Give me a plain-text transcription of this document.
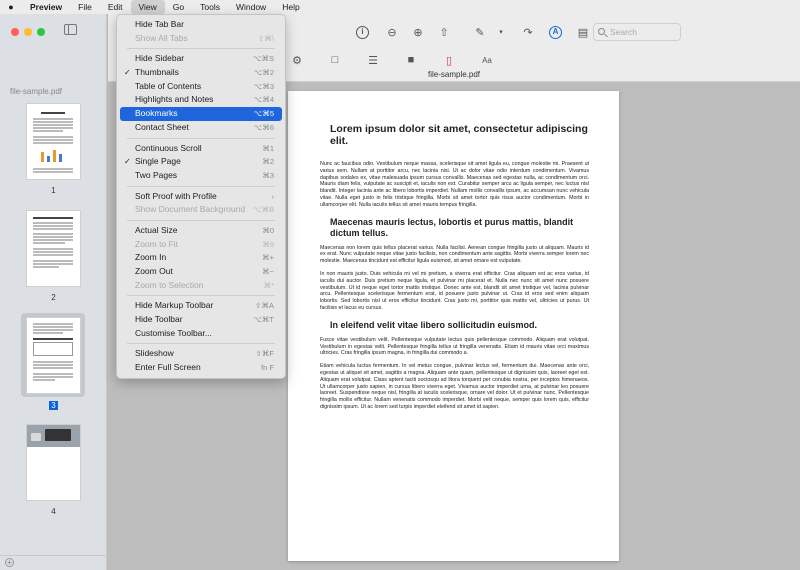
●	Preview	File	Edit	View	Go	Tools	Window	Help
file-sample.pdf
1
2
3
4
+
i	⊖	⊕	⇧	✎	▾	↷	A	▤	Search
⚙	□	☰	■	▯	Aa
file-sample.pdf
Lorem ipsum dolor sit amet, consectetur adipiscing elit.

Nunc ac faucibus odio. Vestibulum neque massa, scelerisque sit amet ligula eu, congue molestie mi. Praesent ut varius sem. Nullam at porttitor arcu, nec lacinia nisi. Ut ac dolor vitae odio interdum condimentum. Vivamus dapibus sodales ex, vitae malesuada ipsum cursus convallis. Maecenas sed egestas nulla, ac condimentum orci. Mauris diam felis, vulputate ac suscipit et, iaculis non est. Curabitur semper arcu ac ligula semper, nec luctus nisl blandit. Integer lacinia ante ac libero lobortis imperdiet. Nullam mollis convallis ipsum, ac accumsan nunc vehicula vitae. Nulla eget justo in felis tristique fringilla. Morbi sit amet tortor quis risus auctor condimentum. Morbi in ullamcorper elit. Nulla iaculis tellus sit amet mauris tempus fringilla.

Maecenas mauris lectus, lobortis et purus mattis, blandit dictum tellus.

Maecenas non lorem quis tellus placerat varius. Nulla facilisi. Aenean congue fringilla justo ut aliquam. Mauris id ex erat. Nunc vulputate neque vitae justo facilisis, non condimentum ante sagittis. Morbi viverra semper lorem nec molestie. Maecenas tincidunt est efficitur ligula euismod, sit amet ornare est vulputate.

In non mauris justo. Duis vehicula mi vel mi pretium, a viverra erat efficitur. Cras aliquam est ac eros varius, id iaculis dui auctor. Duis pretium neque ligula, et pulvinar mi placerat et. Nulla nec nunc sit amet nunc posuere vestibulum. Ut id neque eget tortor mattis tristique. Donec ante est, blandit sit amet tristique vel, lacinia pulvinar arcu. Pellentesque scelerisque fermentum erat, id posuere justo pulvinar ut. Cras id eros sed enim aliquam lobortis. Sed lobortis nisl ut eros efficitur tincidunt. Cras justo mi, porttitor quis mattis vel, ultricies ut purus. Ut facilisis et lacus eu cursus.

In eleifend velit vitae libero sollicitudin euismod.

Fusce vitae vestibulum velit. Pellentesque vulputate lectus quis pellentesque commodo. Aliquam erat volutpat. Vestibulum in egestas velit. Pellentesque fringilla tellus ut fringilla venenatis. Etiam id mauris vitae orci maximus ultricies. Cras fringilla ipsum magna, in fringilla dui commodo a.

Etiam vehicula luctus fermentum. In vel metus congue, pulvinar lectus vel, fermentum dui. Maecenas ante orci, egestas ut aliquet sit amet, sagittis a magna. Aliquam ante quam, pellentesque ut dignissim quis, laoreet eget est. Aliquam erat volutpat. Class aptent taciti sociosqu ad litora torquent per conubia nostra, per inceptos himenaeos. Ut ullamcorper justo sapien, in cursus libero viverra eget. Vivamus auctor imperdiet urna, at pulvinar leo posuere laoreet. Suspendisse neque nisl, fringilla at iaculis scelerisque, ornare vel dolor. Ut et pulvinar nunc. Pellentesque fringilla mollis efficitur. Nullam venenatis commodo imperdiet. Morbi velit neque, semper quis lorem quis, efficitur dignissim ipsum. Ut ac lorem sed turpis imperdiet eleifend sit amet id sapien.

Hide Tab Bar
Show All Tabs	⇧⌘\
Hide Sidebar	⌥⌘S
✓ Thumbnails	⌥⌘2
Table of Contents	⌥⌘3
Highlights and Notes	⌥⌘4
Bookmarks	⌥⌘5
Contact Sheet	⌥⌘6
Continuous Scroll	⌘1
✓ Single Page	⌘2
Two Pages	⌘3
Soft Proof with Profile	›
Show Document Background ⌥⌘B
Actual Size	⌘0
Zoom to Fit	⌘9
Zoom In	⌘+
Zoom Out	⌘−
Zoom to Selection	⌘*
Hide Markup Toolbar	⇧⌘A
Hide Toolbar	⌥⌘T
Customise Toolbar...
Slideshow	⇧⌘F
Enter Full Screen	fn F
